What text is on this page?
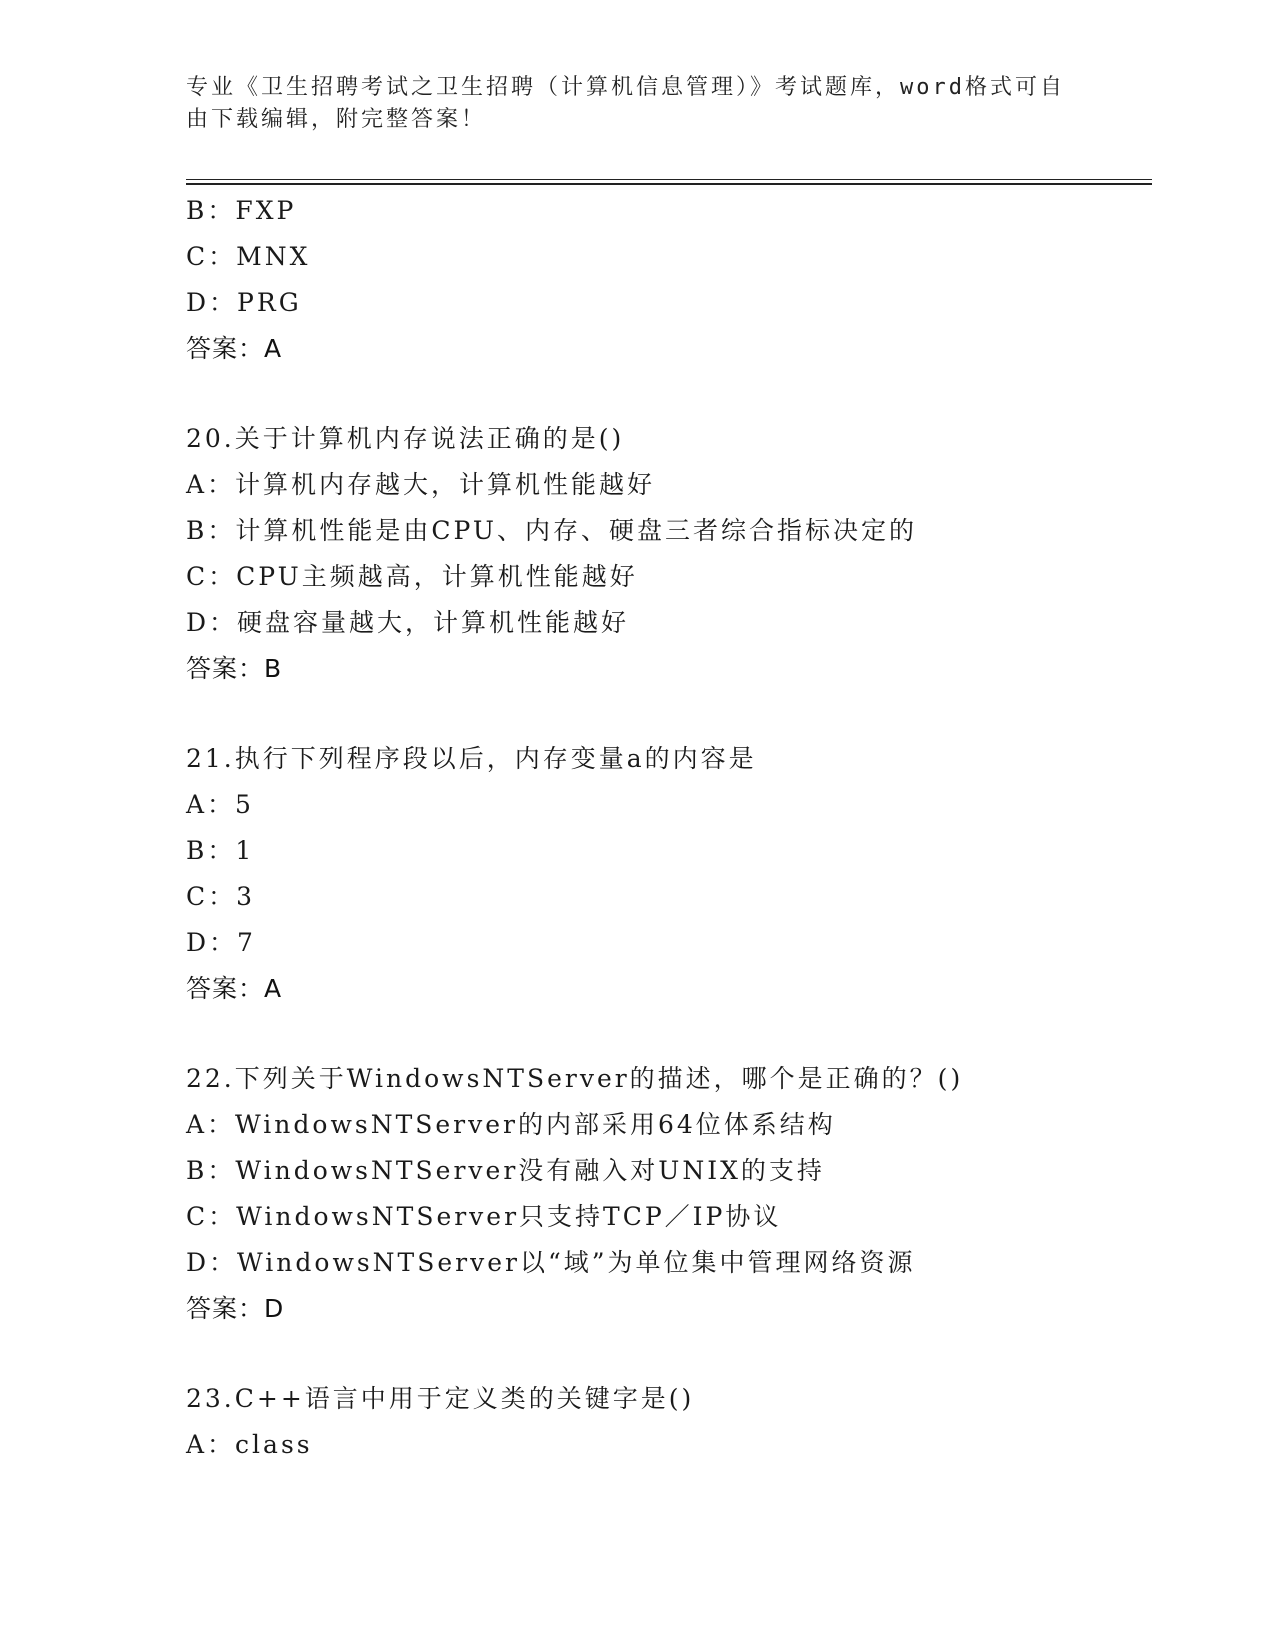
专业《卫生招聘考试之卫生招聘（计算机信息管理）》考试题库，word格式可自
由下载编辑，附完整答案！
B：FXP
C：MNX
D：PRG
答案：A
20.关于计算机内存说法正确的是()
A：计算机内存越大，计算机性能越好
B：计算机性能是由CPU、内存、硬盘三者综合指标决定的
C：CPU主频越高，计算机性能越好
D：硬盘容量越大，计算机性能越好
答案：B
21.执行下列程序段以后，内存变量a的内容是
A：5
B：1
C：3
D：7
答案：A
22.下列关于WindowsNTServer的描述，哪个是正确的？()
A：WindowsNTServer的内部采用64位体系结构
B：WindowsNTServer没有融入对UNIX的支持
C：WindowsNTServer只支持TCP／IP协议
D：WindowsNTServer以“域”为单位集中管理网络资源
答案：D
23.C++语言中用于定义类的关键字是()
A：class
